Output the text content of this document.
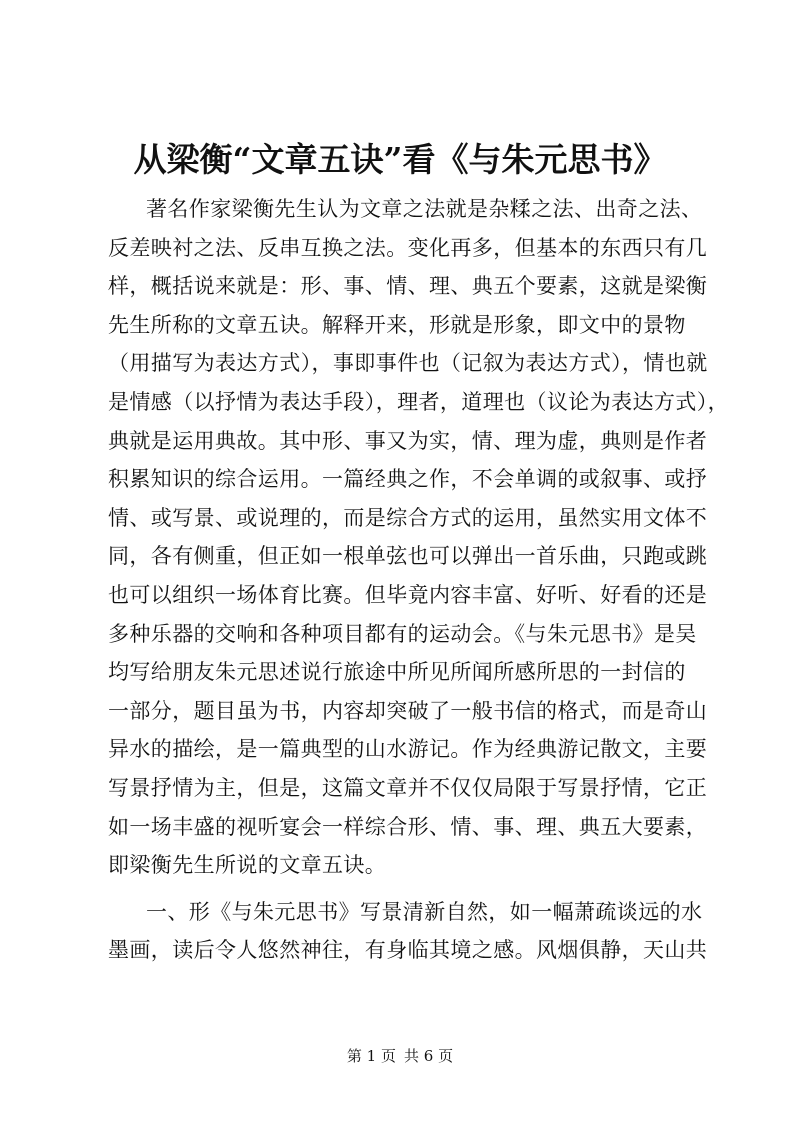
从梁衡“文章五诀”看《与朱元思书》
著名作家梁衡先生认为文章之法就是杂糅之法、出奇之法、
反差映衬之法、反串互换之法。变化再多，但基本的东西只有几
样，概括说来就是：形、事、情、理、典五个要素，这就是梁衡
先生所称的文章五诀。解释开来，形就是形象，即文中的景物
（用描写为表达方式），事即事件也（记叙为表达方式），情也就
是情感（以抒情为表达手段），理者，道理也（议论为表达方式），
典就是运用典故。其中形、事又为实，情、理为虚，典则是作者
积累知识的综合运用。一篇经典之作，不会单调的或叙事、或抒
情、或写景、或说理的，而是综合方式的运用，虽然实用文体不
同，各有侧重，但正如一根单弦也可以弹出一首乐曲，只跑或跳
也可以组织一场体育比赛。但毕竟内容丰富、好听、好看的还是
多种乐器的交响和各种项目都有的运动会。《与朱元思书》是吴
均写给朋友朱元思述说行旅途中所见所闻所感所思的一封信的
一部分，题目虽为书，内容却突破了一般书信的格式，而是奇山
异水的描绘，是一篇典型的山水游记。作为经典游记散文，主要
写景抒情为主，但是，这篇文章并不仅仅局限于写景抒情，它正
如一场丰盛的视听宴会一样综合形、情、事、理、典五大要素，
即梁衡先生所说的文章五诀。
一、形《与朱元思书》写景清新自然，如一幅萧疏谈远的水
墨画，读后令人悠然神往，有身临其境之感。风烟俱静，天山共
第 1 页 共 6 页
